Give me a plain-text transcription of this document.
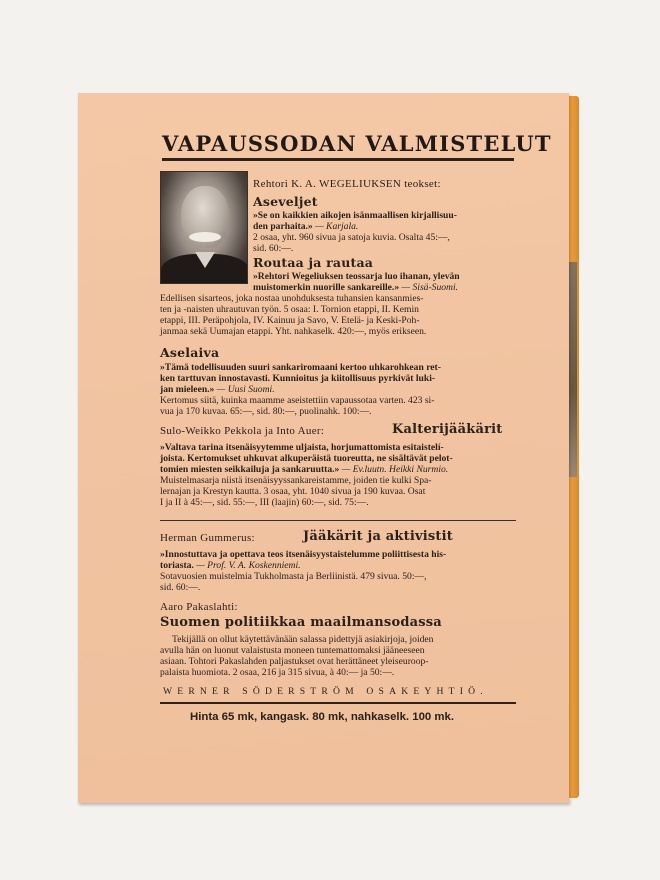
VAPAUSSODAN VALMISTELUT
Rehtori K. A. WEGELIUKSEN teokset:
Aseveljet
»Se on kaikkien aikojen isänmaallisen kirjallisuu-
den parhaita.» — Karjala.
2 osaa, yht. 960 sivua ja satoja kuvia. Osalta 45:—,
sid. 60:—.
Routaa ja rautaa
»Rehtori Wegeliuksen teossarja luo ihanan, ylevän
muistomerkin nuorille sankareille.» — Sisä-Suomi.
Edellisen sisarteos, joka nostaa unohduksesta tuhansien kansanmies-
ten ja -naisten uhrautuvan työn. 5 osaa: I. Tornion etappi, II. Kemin
etappi, III. Peräpohjola, IV. Kainuu ja Savo, V. Etelä- ja Keski-Poh-
janmaa sekä Uumajan etappi. Yht. nahkaselk. 420:—, myös erikseen.
Aselaiva
»Tämä todellisuuden suuri sankariromaani kertoo uhkarohkean ret-
ken tarttuvan innostavasti. Kunnioitus ja kiitollisuus pyrkivät luki-
jan mieleen.» — Uusi Suomi.
Kertomus siitä, kuinka maamme aseistettiin vapaussotaa varten. 423 si-
vua ja 170 kuvaa. 65:—, sid. 80:—, puolinahk. 100:—.
Sulo-Weikko Pekkola ja Into Auer:	Kalterijääkärit
»Valtava tarina itsenäisyytemme uljaista, horjumattomista esitaistelí-
joista. Kertomukset uhkuvat alkuperäistä tuoreutta, ne sisältävät pelot-
tomien miesten seikkailuja ja sankaruutta.» — Ev.luutn. Heikki Nurmio.
Muistelmasarja niistä itsenäisyyssankareistamme, joiden tie kulki Spa-
lernajan ja Krestyn kautta. 3 osaa, yht. 1040 sivua ja 190 kuvaa. Osat
I ja II à 45:—, sid. 55:—, III (laajin) 60:—, sid. 75:—.
Herman Gummerus:	Jääkärit ja aktivistit
»Innostuttava ja opettava teos itsenäisyystaistelumme poliittisesta his-
toriasta. — Prof. V. A. Koskenniemi.
Sotavuosien muistelmia Tukholmasta ja Berliinistä. 479 sivua. 50:—,
sid. 60:—.
Aaro Pakaslahti:
Suomen politiikkaa maailmansodassa
Tekijällä on ollut käytettävänään salassa pidettyjä asiakirjoja, joiden
avulla hän on luonut valaistusta moneen tuntemattomaksi jääneeseen
asiaan. Tohtori Pakaslahden paljastukset ovat herättäneet yleiseuroop-
palaista huomiota. 2 osaa, 216 ja 315 sivua, à 40:— ja 50:—.
WERNER SÖDERSTRÖM OSAKEYHTIÖ.
Hinta 65 mk, kangask. 80 mk, nahkaselk. 100 mk.
